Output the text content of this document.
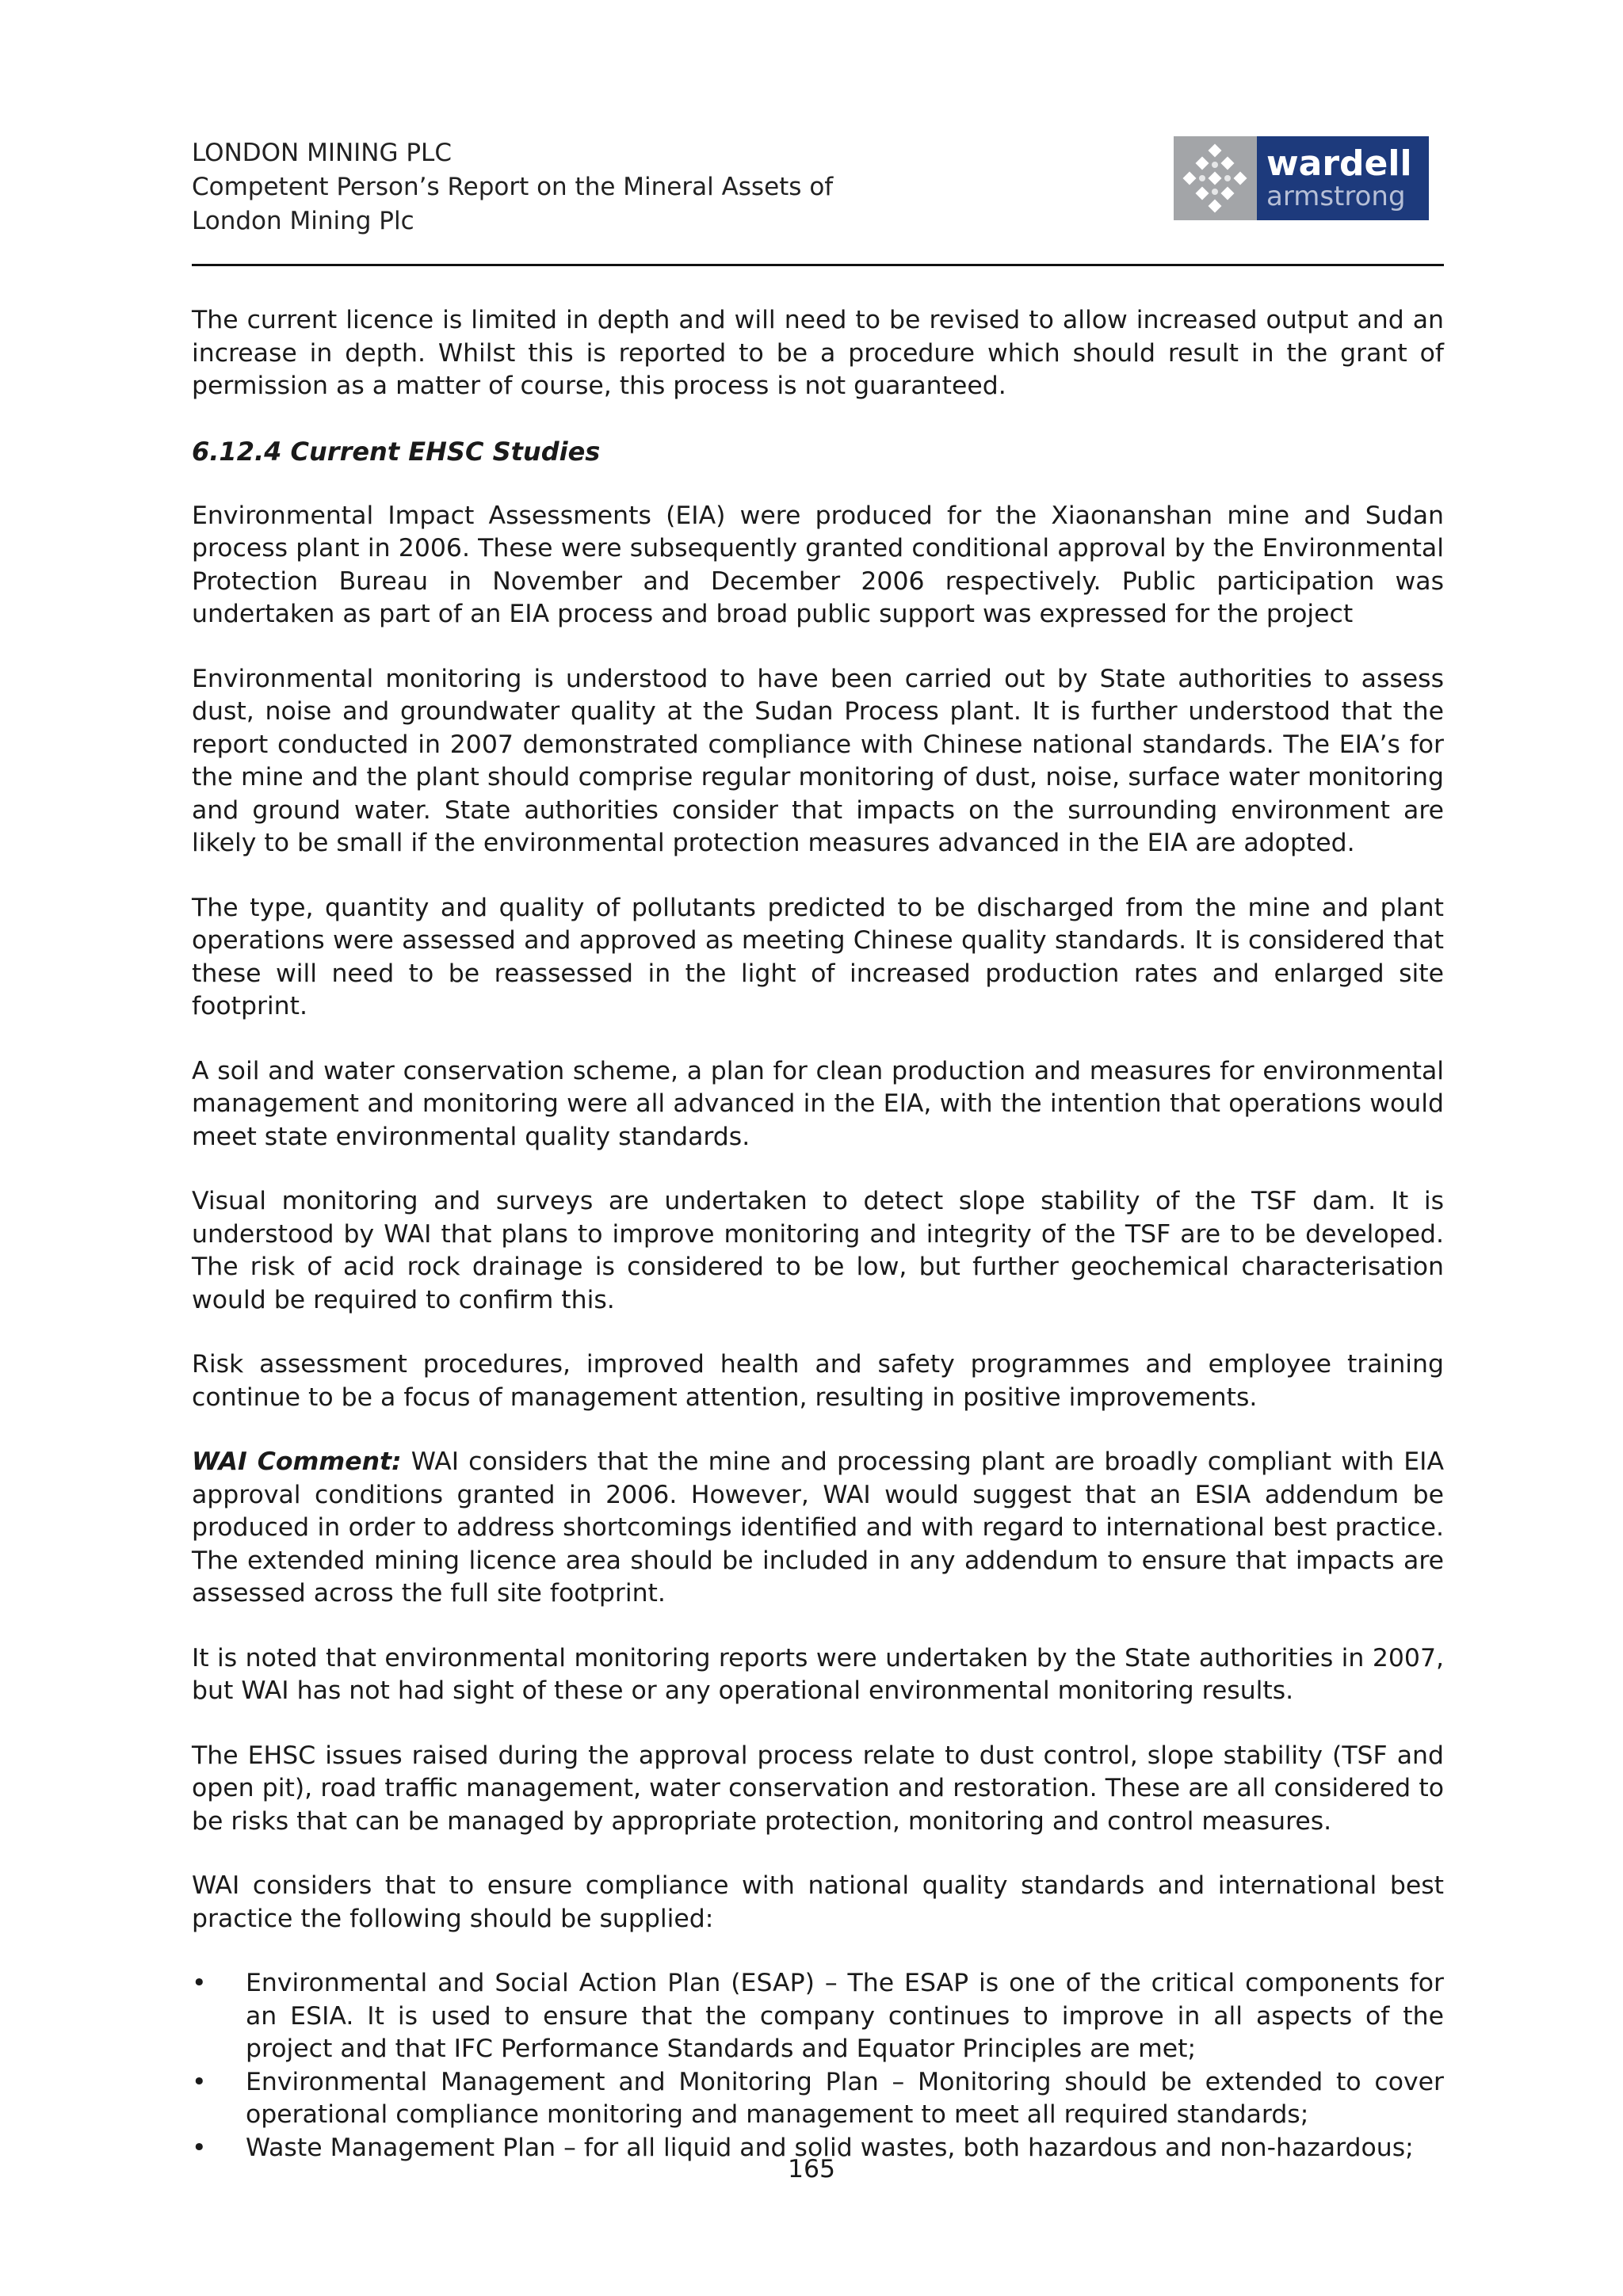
LONDON MINING PLC
Competent Person’s Report on the Mineral Assets of
London Mining Plc
wardell
armstrong

The current licence is limited in depth and will need to be revised to allow increased output and an increase in depth. Whilst this is reported to be a procedure which should result in the grant of permission as a matter of course, this process is not guaranteed.

6.12.4 Current EHSC Studies

Environmental Impact Assessments (EIA) were produced for the Xiaonanshan mine and Sudan process plant in 2006. These were subsequently granted conditional approval by the Environmental Protection Bureau in November and December 2006 respectively. Public participation was undertaken as part of an EIA process and broad public support was expressed for the project

Environmental monitoring is understood to have been carried out by State authorities to assess dust, noise and groundwater quality at the Sudan Process plant. It is further understood that the report conducted in 2007 demonstrated compliance with Chinese national standards. The EIA’s for the mine and the plant should comprise regular monitoring of dust, noise, surface water monitoring and ground water. State authorities consider that impacts on the surrounding environment are likely to be small if the environmental protection measures advanced in the EIA are adopted.

The type, quantity and quality of pollutants predicted to be discharged from the mine and plant operations were assessed and approved as meeting Chinese quality standards. It is considered that these will need to be reassessed in the light of increased production rates and enlarged site footprint.

A soil and water conservation scheme, a plan for clean production and measures for environmental management and monitoring were all advanced in the EIA, with the intention that operations would meet state environmental quality standards.

Visual monitoring and surveys are undertaken to detect slope stability of the TSF dam. It is understood by WAI that plans to improve monitoring and integrity of the TSF are to be developed. The risk of acid rock drainage is considered to be low, but further geochemical characterisation would be required to confirm this.

Risk assessment procedures, improved health and safety programmes and employee training continue to be a focus of management attention, resulting in positive improvements.

WAI Comment: WAI considers that the mine and processing plant are broadly compliant with EIA approval conditions granted in 2006. However, WAI would suggest that an ESIA addendum be produced in order to address shortcomings identified and with regard to international best practice. The extended mining licence area should be included in any addendum to ensure that impacts are assessed across the full site footprint.

It is noted that environmental monitoring reports were undertaken by the State authorities in 2007, but WAI has not had sight of these or any operational environmental monitoring results.

The EHSC issues raised during the approval process relate to dust control, slope stability (TSF and open pit), road traffic management, water conservation and restoration. These are all considered to be risks that can be managed by appropriate protection, monitoring and control measures.

WAI considers that to ensure compliance with national quality standards and international best practice the following should be supplied:

•	Environmental and Social Action Plan (ESAP) – The ESAP is one of the critical components for an ESIA. It is used to ensure that the company continues to improve in all aspects of the project and that IFC Performance Standards and Equator Principles are met;
•	Environmental Management and Monitoring Plan – Monitoring should be extended to cover operational compliance monitoring and management to meet all required standards;
•	Waste Management Plan – for all liquid and solid wastes, both hazardous and non-hazardous;
165
